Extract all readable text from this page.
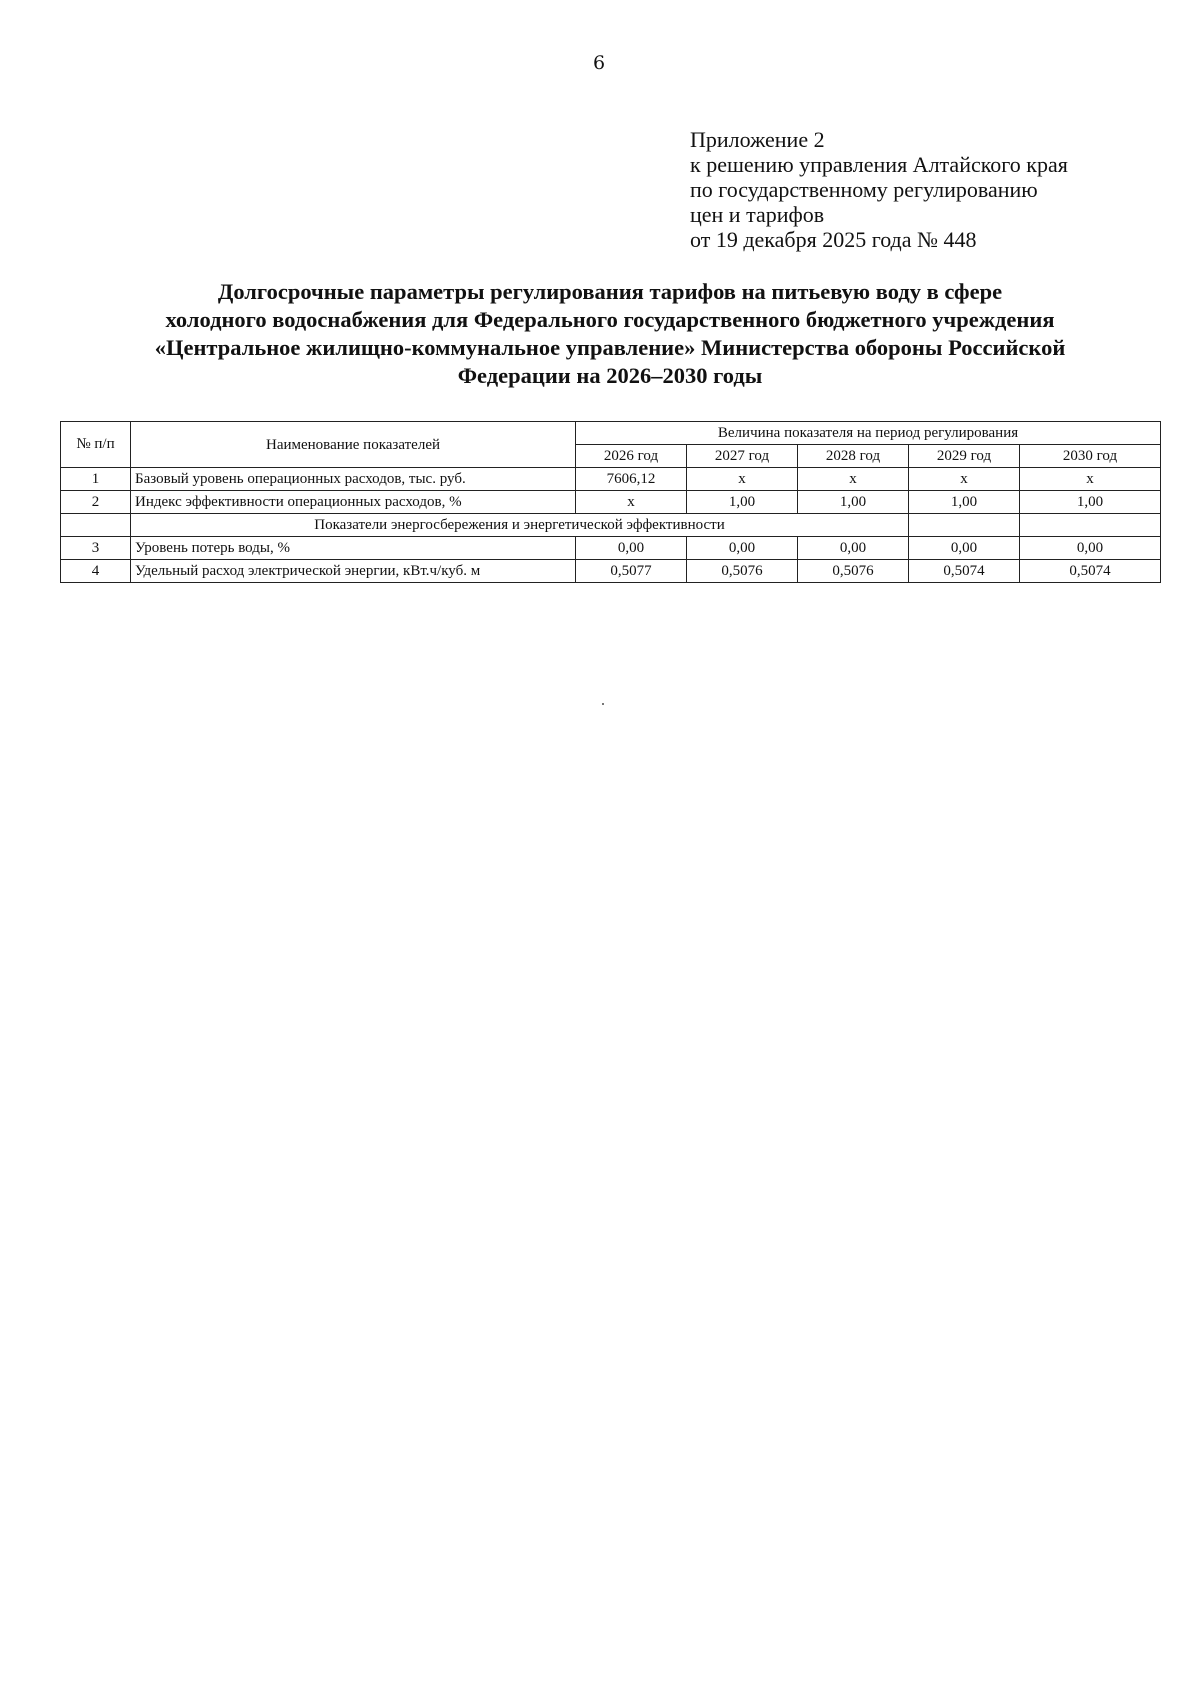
6
Приложение 2
к решению управления Алтайского края
по государственному регулированию
цен и тарифов
от 19 декабря 2025 года № 448
Долгосрочные параметры регулирования тарифов на питьевую воду в сфере
холодного водоснабжения для Федерального государственного бюджетного учреждения
«Центральное жилищно-коммунальное управление» Министерства обороны Российской
Федерации на 2026–2030 годы
№ п/п	Наименование показателей	Величина показателя на период регулирования				
		2026 год	2027 год	2028 год	2029 год	2030 год
1	Базовый уровень операционных расходов, тыс. руб.	7606,12	х	х	х	х
2	Индекс эффективности операционных расходов, %	х	1,00	1,00	1,00	1,00
	Показатели энергосбережения и энергетической эффективности					
3	Уровень потерь воды, %	0,00	0,00	0,00	0,00	0,00
4	Удельный расход электрической энергии, кВт.ч/куб. м	0,5077	0,5076	0,5076	0,5074	0,5074
